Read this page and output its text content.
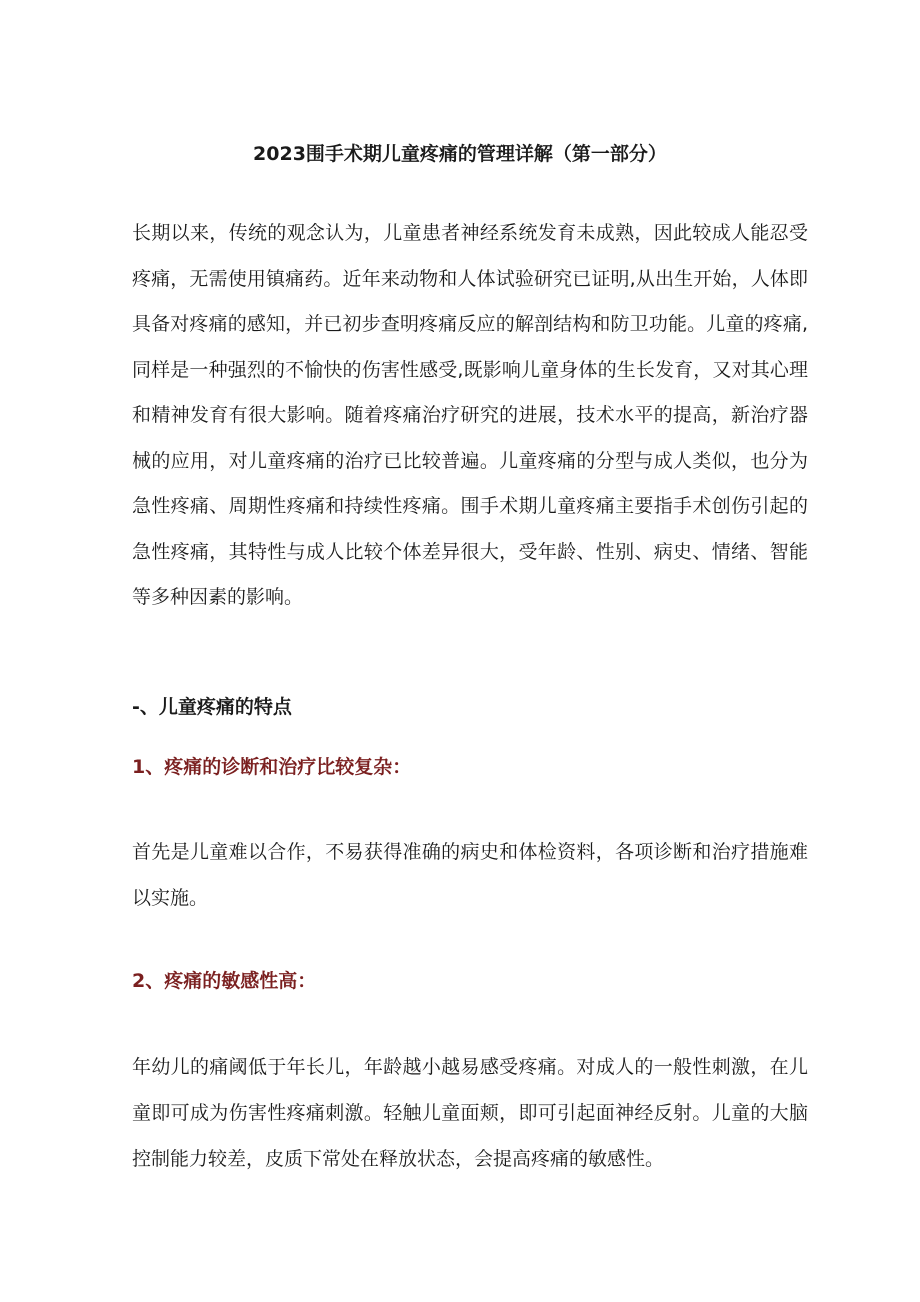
2023围手术期儿童疼痛的管理详解（第一部分）

长期以来，传统的观念认为，儿童患者神经系统发育未成熟，因此较成人能忍受疼痛，无需使用镇痛药。近年来动物和人体试验研究已证明,从出生开始，人体即具备对疼痛的感知，并已初步查明疼痛反应的解剖结构和防卫功能。儿童的疼痛,同样是一种强烈的不愉快的伤害性感受,既影响儿童身体的生长发育，又对其心理和精神发育有很大影响。随着疼痛治疗研究的进展，技术水平的提高，新治疗器械的应用，对儿童疼痛的治疗已比较普遍。儿童疼痛的分型与成人类似，也分为急性疼痛、周期性疼痛和持续性疼痛。围手术期儿童疼痛主要指手术创伤引起的急性疼痛，其特性与成人比较个体差异很大，受年龄、性别、病史、情绪、智能等多种因素的影响。

-、儿童疼痛的特点
1、疼痛的诊断和治疗比较复杂：

首先是儿童难以合作，不易获得准确的病史和体检资料，各项诊断和治疗措施难以实施。

2、疼痛的敏感性高：

年幼儿的痛阈低于年长儿，年龄越小越易感受疼痛。对成人的一般性刺激，在儿童即可成为伤害性疼痛刺激。轻触儿童面颊，即可引起面神经反射。儿童的大脑控制能力较差，皮质下常处在释放状态，会提高疼痛的敏感性。
